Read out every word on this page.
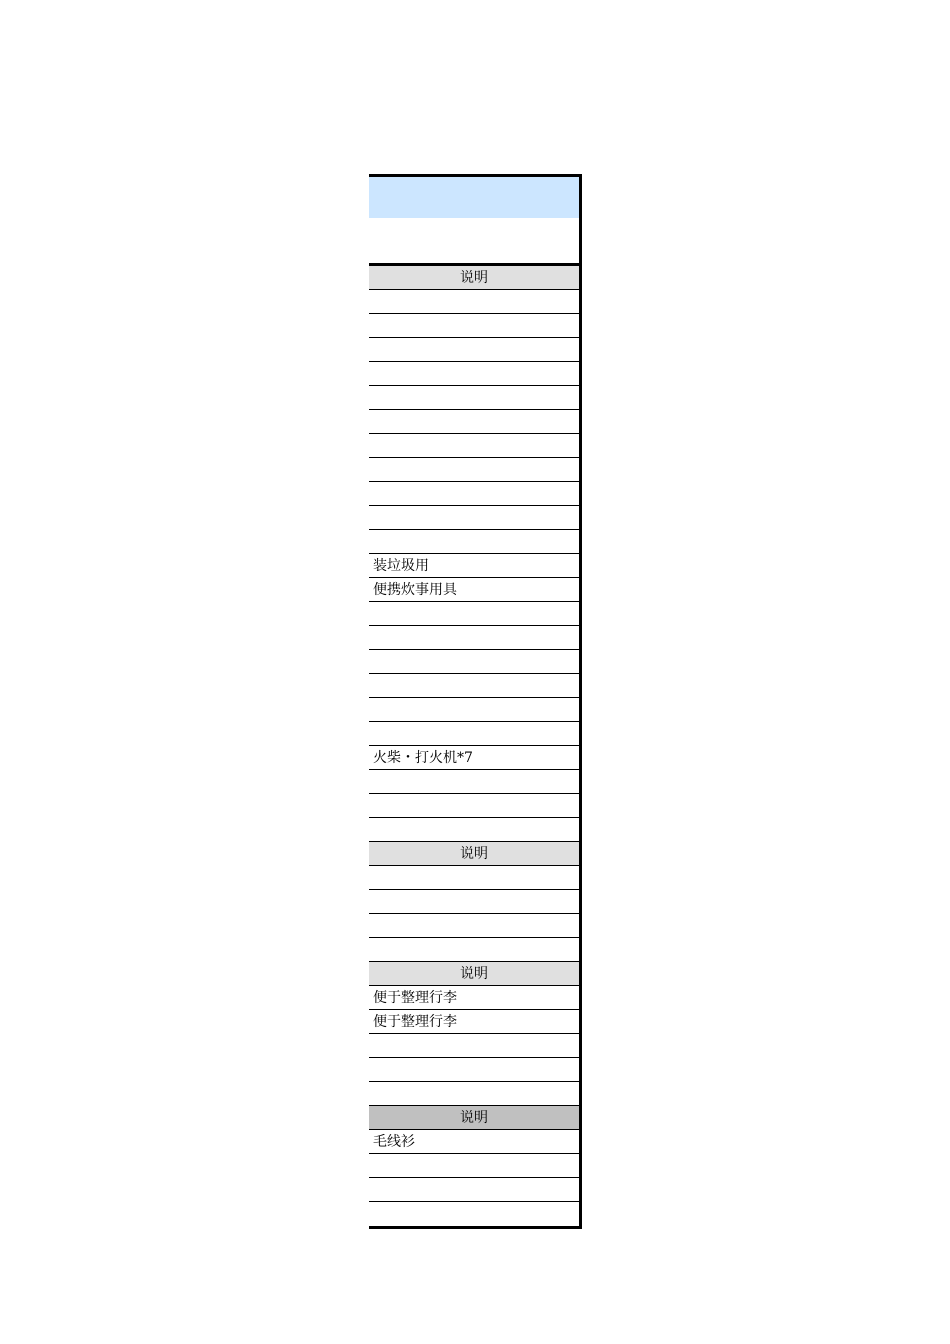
说明
装垃圾用
便携炊事用具
火柴・打火机*7
说明
说明
便于整理行李
便于整理行李
说明
毛线衫
